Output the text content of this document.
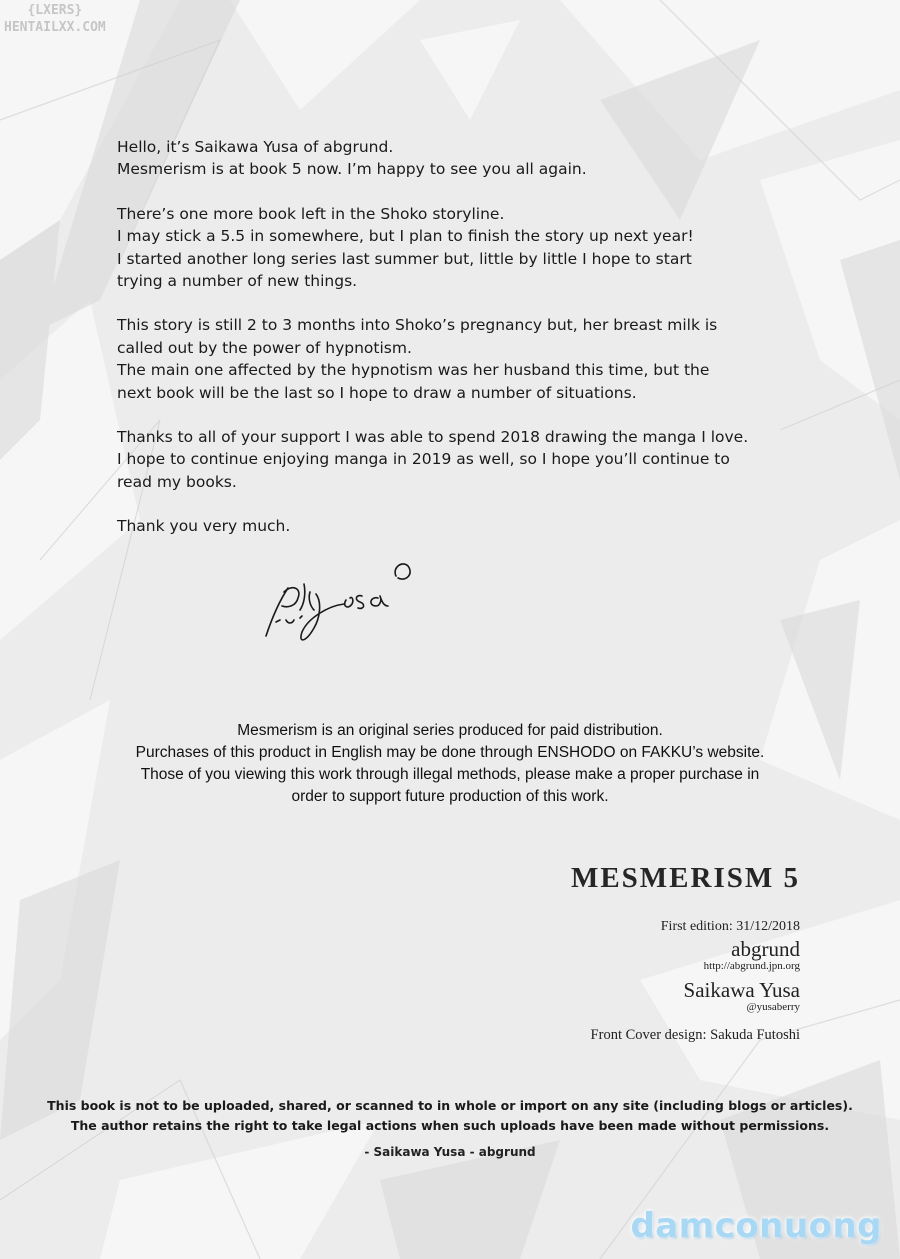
{LXERS}
HENTAILXX.COM

Hello, it’s Saikawa Yusa of abgrund.
Mesmerism is at book 5 now. I’m happy to see you all again.

There’s one more book left in the Shoko storyline.
I may stick a 5.5 in somewhere, but I plan to finish the story up next year!
I started another long series last summer but, little by little I hope to start
trying a number of new things.

This story is still 2 to 3 months into Shoko’s pregnancy but, her breast milk is
called out by the power of hypnotism.
The main one affected by the hypnotism was her husband this time, but the
next book will be the last so I hope to draw a number of situations.

Thanks to all of your support I was able to spend 2018 drawing the manga I love.
I hope to continue enjoying manga in 2019 as well, so I hope you’ll continue to
read my books.

Thank you very much.

Mesmerism is an original series produced for paid distribution.
Purchases of this product in English may be done through ENSHODO on FAKKU’s website.
Those of you viewing this work through illegal methods, please make a proper purchase in
order to support future production of this work.
MESMERISM 5
First edition: 31/12/2018
abgrund
http://abgrund.jpn.org
Saikawa Yusa
@yusaberry
Front Cover design: Sakuda Futoshi
This book is not to be uploaded, shared, or scanned to in whole or import on any site (including blogs or articles).
The author retains the right to take legal actions when such uploads have been made without permissions.
- Saikawa Yusa - abgrund
damconuong
